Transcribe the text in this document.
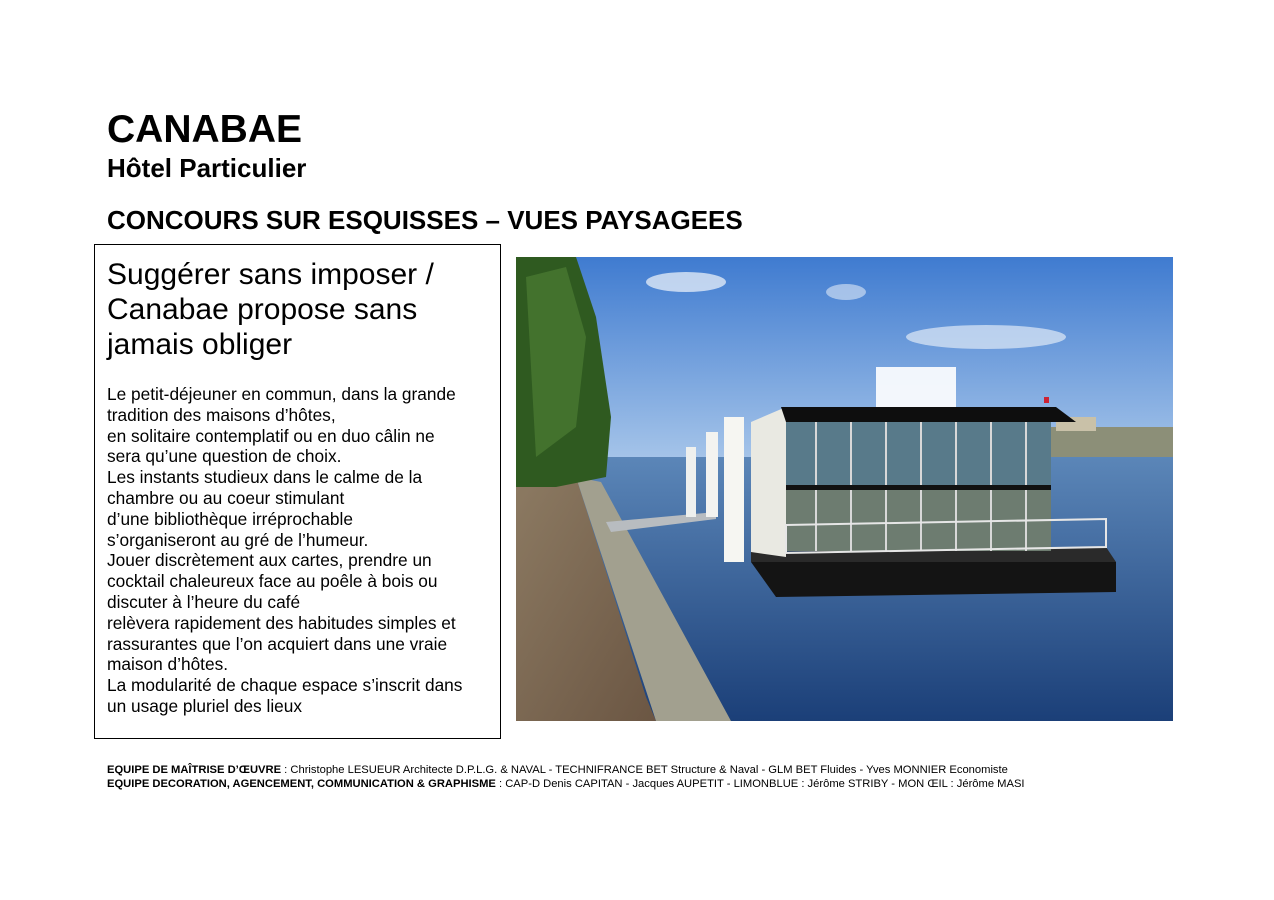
CANABAE
Hôtel Particulier
CONCOURS SUR ESQUISSES – VUES PAYSAGEES
Suggérer sans imposer /
Canabae propose sans
jamais obliger

Le petit-déjeuner en commun, dans la grande

tradition des maisons d’hôtes,

en solitaire contemplatif ou en duo câlin ne

sera qu’une question de choix.

Les instants studieux dans le calme de la

chambre ou au coeur stimulant

d’une bibliothèque irréprochable

s’organiseront au gré de l’humeur.

Jouer discrètement aux cartes, prendre un

cocktail chaleureux face au poêle à bois ou

discuter à l’heure du café

relèvera rapidement des habitudes simples et

rassurantes que l’on acquiert dans une vraie

maison d’hôtes.

La modularité de chaque espace s’inscrit dans

un usage pluriel des lieux

EQUIPE DE MAÎTRISE D’ŒUVRE : Christophe LESUEUR Architecte D.P.L.G. & NAVAL - TECHNIFRANCE BET Structure & Naval - GLM BET Fluides - Yves MONNIER Economiste
EQUIPE DECORATION, AGENCEMENT, COMMUNICATION & GRAPHISME : CAP-D Denis CAPITAN - Jacques AUPETIT - LIMONBLUE : Jérôme STRIBY - MON ŒIL : Jérôme MASI
